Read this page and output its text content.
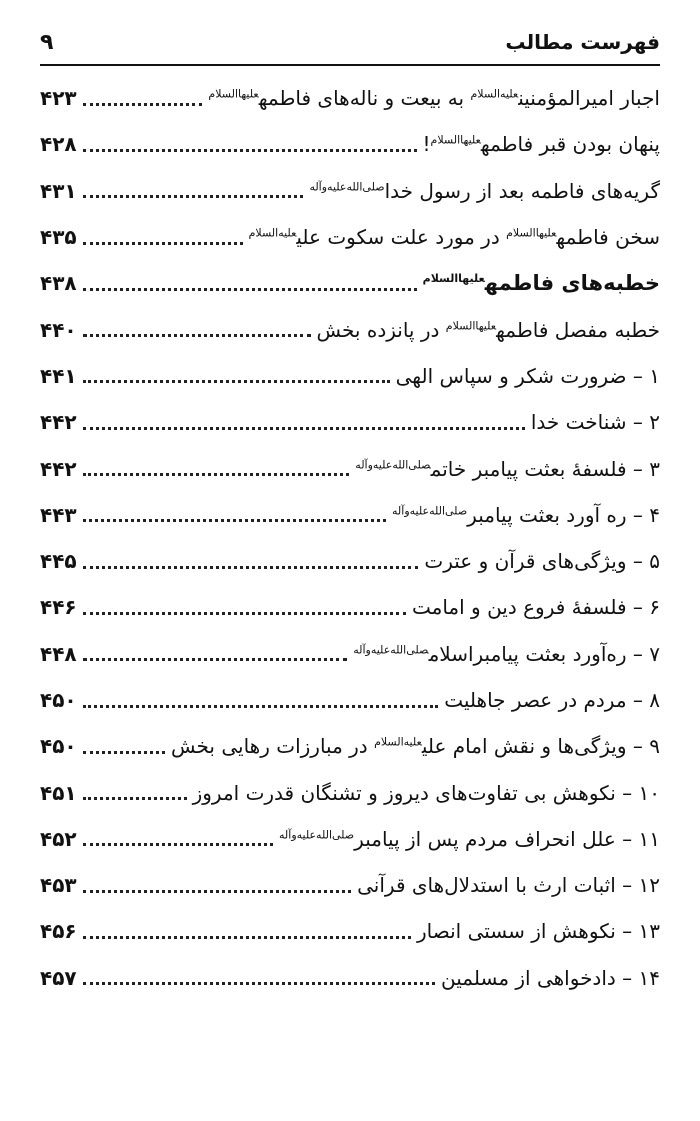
۹	فهرست مطالب
اجبار امیرالمؤمنین$^{علیه‌السلام}$ به بیعت و ناله‌های فاطمه$^{علیهاالسلام}$
۴۲۳
پنهان بودن قبر فاطمه$^{علیهاالسلام}$!
۴۲۸
گریه‌های فاطمه بعد از رسول خدا$^{صلی‌الله‌علیه‌وآله}$
۴۳۱
سخن فاطمه$^{علیهاالسلام}$ در مورد علت سکوت علی$^{علیه‌السلام}$
۴۳۵
خطبه‌های فاطمه$^{علیهاالسلام}$
۴۳۸
خطبه مفصل فاطمه$^{علیهاالسلام}$ در پانزده بخش
۴۴۰
۱ – ضرورت شکر و سپاس الهی
۴۴۱
۲ – شناخت خدا
۴۴۲
۳ – فلسفهٔ بعثت پیامبر خاتم$^{صلی‌الله‌علیه‌وآله}$
۴۴۲
۴ – ره آورد بعثت پیامبر$^{صلی‌الله‌علیه‌وآله}$
۴۴۳
۵ – ویژگی‌های قرآن و عترت
۴۴۵
۶ – فلسفهٔ فروع دین و امامت
۴۴۶
۷ – ره‌آورد بعثت پیامبراسلام$^{صلی‌الله‌علیه‌وآله}$
۴۴۸
۸ – مردم در عصر جاهلیت
۴۵۰
۹ – ویژگی‌ها و نقش امام علی$^{علیه‌السلام}$ در مبارزات رهایی بخش
۴۵۰
۱۰ – نکوهش بی تفاوت‌های دیروز و تشنگان قدرت امروز
۴۵۱
۱۱ – علل انحراف مردم پس از پیامبر$^{صلی‌الله‌علیه‌وآله}$
۴۵۲
۱۲ – اثبات ارث با استدلال‌های قرآنی
۴۵۳
۱۳ – نکوهش از سستی انصار
۴۵۶
۱۴ – دادخواهی از مسلمین
۴۵۷
